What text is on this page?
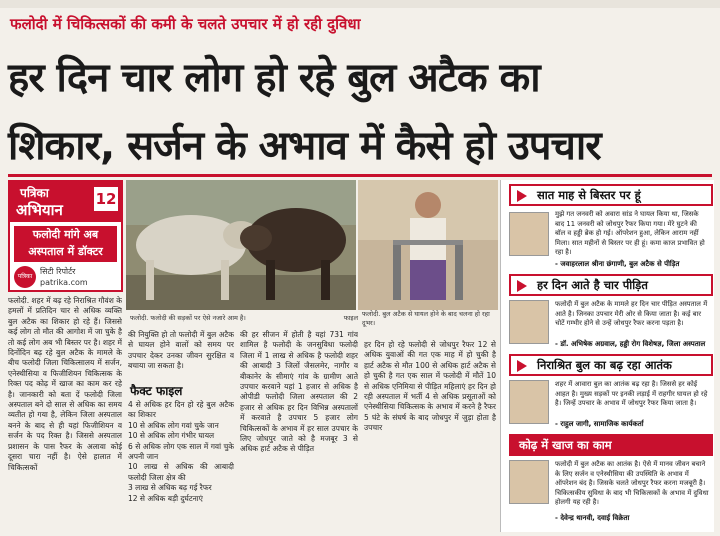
फलोदी में चिकित्सकों की कमी के चलते उपचार में हो रही दुविधा
हर दिन चार लोग हो रहे बुल अटैक का
शिकार, सर्जन के अभाव में कैसे हो उपचार
पत्रिका
अभियान
12
फलोदी मांगे अब अस्पताल में डॉक्टर
पत्रिका
सिटी रिपोर्टर
patrika.com
फलोदी. फलोदी की सड़कों पर ऐसे नजारे आम है।	फाइल फलोदी. बुल अटैक से घायल होने के बाद चलना हो रहा दूभर।
फलोदी. शहर में बढ़ रहे निराश्रित गौवंश के हमलों में प्रतिदिन चार से अधिक व्यक्ति बुल अटैक का शिकार हो रहे हैं। जिससे कई लोग तो मौत की आगोश में जा चुके है तो कई लोग अब भी बिस्तर पर है। शहर में दिनोंदिन बढ़ रहे बुल अटैक के मामले के बीच फलोदी जिला चिकित्सालय में सर्जन, एनेस्थीसिया व फिजीशियन चिकित्सक के रिक्त पद कोढ़ में खाज का काम कर रहे है। जानकारी को बता दें फलोदी जिला अस्पताल बने दो साल से अधिक का समय व्यतीत हो गया है, लेकिन जिला अस्पताल बनने के बाद से ही यहां फिजीशियन व सर्जन के पद रिक्त है। जिससे अस्पताल प्रशासन के पास रैफर के अलावा कोई दूसरा चारा नहीं है। ऐसे हालात में चिकित्सकों
की नियुक्ति हो तो फलोदी में बुल अटैक से घायल होने वालों को समय पर उपचार देकर उनका जीवन सुरक्षित व बचाया जा सकता है।
फैक्ट फाइल
4 से अधिक हर दिन हो रहे बुल अटैक का शिकार
10 से अधिक लोग गवां चुके जान
10 से अधिक लोग गंभीर घायल
6 से अधिक लोग एक साल में गवां चुके अपनी जान
10 लाख से अधिक की आबादी फलोदी जिला क्षेत्र की
3 लाख से अधिक बढ़ गई रैफर
12 से अधिक बड़ी दुर्घटनाएं
की हर सीजन में होती है यहां 731 गांव शामिल है फलोदी के जनसुविधा फलोदी जिला में 1 लाख से अधिक है फलोदी शहर की आबादी 3 जिलों जैसलमेर, नागौर व बीकानेर के सीमाएं गांव के ग्रामीण आते उपचार करवाने यहां 1 हजार से अधिक है ओपीडी फलोदी जिला अस्पताल की 2 हजार से अधिक हर दिन विभिन्न अस्पतालों में करवाते है उपचार 5 हजार लोग चिकित्सकों के अभाव में हर साल उपचार के लिए जोधपुर जाते को है मजबूर 3 से अधिक हार्ट अटैक से पीड़ित
हर दिन हो रहे फलोदी से जोधपुर रैफर 12 से अधिक युवाओं की गत एक माह में हो चुकी है हार्ट अटैक से मौत 100 से अधिक हार्ट अटैक से हो चुकी है गत एक साल में फलोदी में मौतें 10 से अधिक एनिमिया से पीड़ित महिलाएं हर दिन हो रही अस्पताल में भर्ती 4 से अधिक प्रसूताओं को एनेस्थीसिया चिकित्सक के अभाव में करने है रैफर 5 घंटे के संघर्ष के बाद जोधपुर में जुड़ा होता है उपचार
सात माह से बिस्तर पर हूं
मुझे गत जनवरी को अवारा सांड ने घायल किया था, जिसके बाद 11 जनवरी को जोधपुर रैफर किया गया। मेरे घुटने की बॉल व हड्डी ब्रेक हो गई। ऑपरेशन हुआ, लेकिन आराम नहीं मिला। सात महीनों से बिस्तर पर ही हूं। कमा काज प्रभावित हो रहा है।
- जवाहरलाल श्रीना छंगाणी, बुल अटैक से पीड़ित
हर दिन आते है चार पीड़ित
फलोदी में बुल अटैक के मामले हर दिन चार पीड़ित अस्पताल में आते है। जिनका उपचार मेरी ओर से किया जाता है। कई बार चोटें गम्भीर होने से उन्हें जोधपुर रैफर करना पड़ता है।
- डॉ. अभिषेक अग्रवाल, हड्डी रोग विशेषज्ञ, जिला अस्पताल
निराश्रित बुल का बढ़ रहा आतंक
शहर में आवारा बुल का आतंक बढ़ रहा है। जिससे हर कोई आहत है। मुख्य सड़कों पर इनकी लड़ाई में राहगीर घायल हो रहे है। जिन्हें उपचार के अभाव में जोधपुर रैफर किया जाता है।
- राहुल जागी, सामाजिक कार्यकर्ता
कोढ़ में खाज का काम
फलोदी में बुल अटैक का आतंक है। ऐसे में मानव जीवन बचाने के लिए सर्जन व एनेस्थीसिया की उपस्थिति के अभाव में ऑपरेशन बंद है। जिसके चलते जोधपुर रैफर करना मजबूरी है। चिकित्सकीय सुविधा के बाद भी चिकित्सकों के अभाव में दुविधा होलगी यह रही है।
- देवेन्द्र थानवी, दवाई विक्रेता
